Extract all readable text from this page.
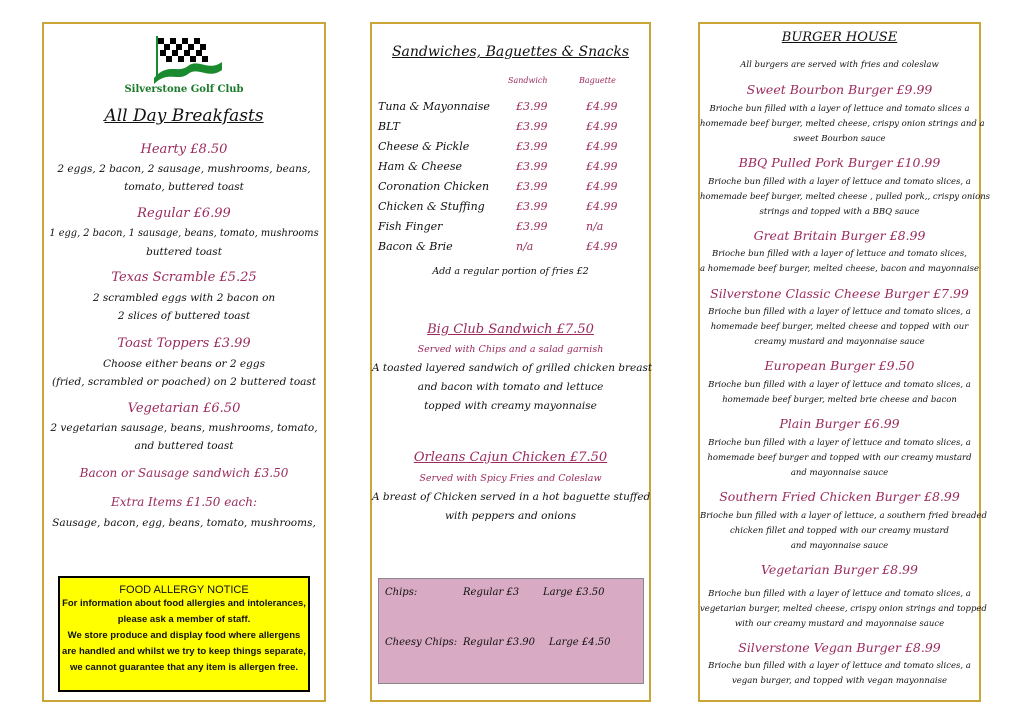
Silverstone Golf Club
All Day Breakfasts
Hearty £8.50
2 eggs, 2 bacon, 2 sausage, mushrooms, beans,
tomato, buttered toast
Regular £6.99
1 egg, 2 bacon, 1 sausage, beans, tomato, mushrooms
buttered toast
Texas Scramble £5.25
2 scrambled eggs with 2 bacon on
2 slices of buttered toast
Toast Toppers £3.99
Choose either beans or 2 eggs
(fried, scrambled or poached) on 2 buttered toast
Vegetarian £6.50
2 vegetarian sausage, beans, mushrooms, tomato,
and buttered toast
Bacon or Sausage sandwich £3.50
Extra Items £1.50 each:
Sausage, bacon, egg, beans, tomato, mushrooms,
FOOD ALLERGY NOTICE
For information about food allergies and intolerances,
please ask a member of staff.
We store produce and display food where allergens
are handled and whilst we try to keep things separate,
we cannot guarantee that any item is allergen free.
Sandwiches, Baguettes & Snacks
Sandwich	Baguette
Tuna & Mayonnaise £3.99	£4.99
BLT	£3.99	£4.99
Cheese & Pickle	£3.99	£4.99
Ham & Cheese	£3.99	£4.99
Coronation Chicken £3.99	£4.99
Chicken & Stuffing	£3.99	£4.99
Fish Finger	£3.99	n/a
Bacon & Brie	n/a	£4.99
Add a regular portion of fries £2
Big Club Sandwich £7.50
Served with Chips and a salad garnish
A toasted layered sandwich of grilled chicken breast
and bacon with tomato and lettuce
topped with creamy mayonnaise
Orleans Cajun Chicken £7.50
Served with Spicy Fries and Coleslaw
A breast of Chicken served in a hot baguette stuffed
with peppers and onions
Chips:	Regular £3 Large £3.50
Cheesy Chips: Regular £3.90 Large £4.50
BURGER HOUSE
All burgers are served with fries and coleslaw
Sweet Bourbon Burger £9.99
Brioche bun filled with a layer of lettuce and tomato slices a
homemade beef burger, melted cheese, crispy onion strings and a
sweet Bourbon sauce
BBQ Pulled Pork Burger £10.99
Brioche bun filled with a layer of lettuce and tomato slices, a
homemade beef burger, melted cheese , pulled pork,, crispy onions
strings and topped with a BBQ sauce
Great Britain Burger £8.99
Brioche bun filled with a layer of lettuce and tomato slices,
a homemade beef burger, melted cheese, bacon and mayonnaise
Silverstone Classic Cheese Burger £7.99
Brioche bun filled with a layer of lettuce and tomato slices, a
homemade beef burger, melted cheese and topped with our
creamy mustard and mayonnaise sauce
European Burger £9.50
Brioche bun filled with a layer of lettuce and tomato slices, a
homemade beef burger, melted brie cheese and bacon
Plain Burger £6.99
Brioche bun filled with a layer of lettuce and tomato slices, a
homemade beef burger and topped with our creamy mustard
and mayonnaise sauce
Southern Fried Chicken Burger £8.99
Brioche bun filled with a layer of lettuce, a southern fried breaded
chicken fillet and topped with our creamy mustard
and mayonnaise sauce
Vegetarian Burger £8.99
Brioche bun filled with a layer of lettuce and tomato slices, a
vegetarian burger, melted cheese, crispy onion strings and topped
with our creamy mustard and mayonnaise sauce
Silverstone Vegan Burger £8.99
Brioche bun filled with a layer of lettuce and tomato slices, a
vegan burger, and topped with vegan mayonnaise
